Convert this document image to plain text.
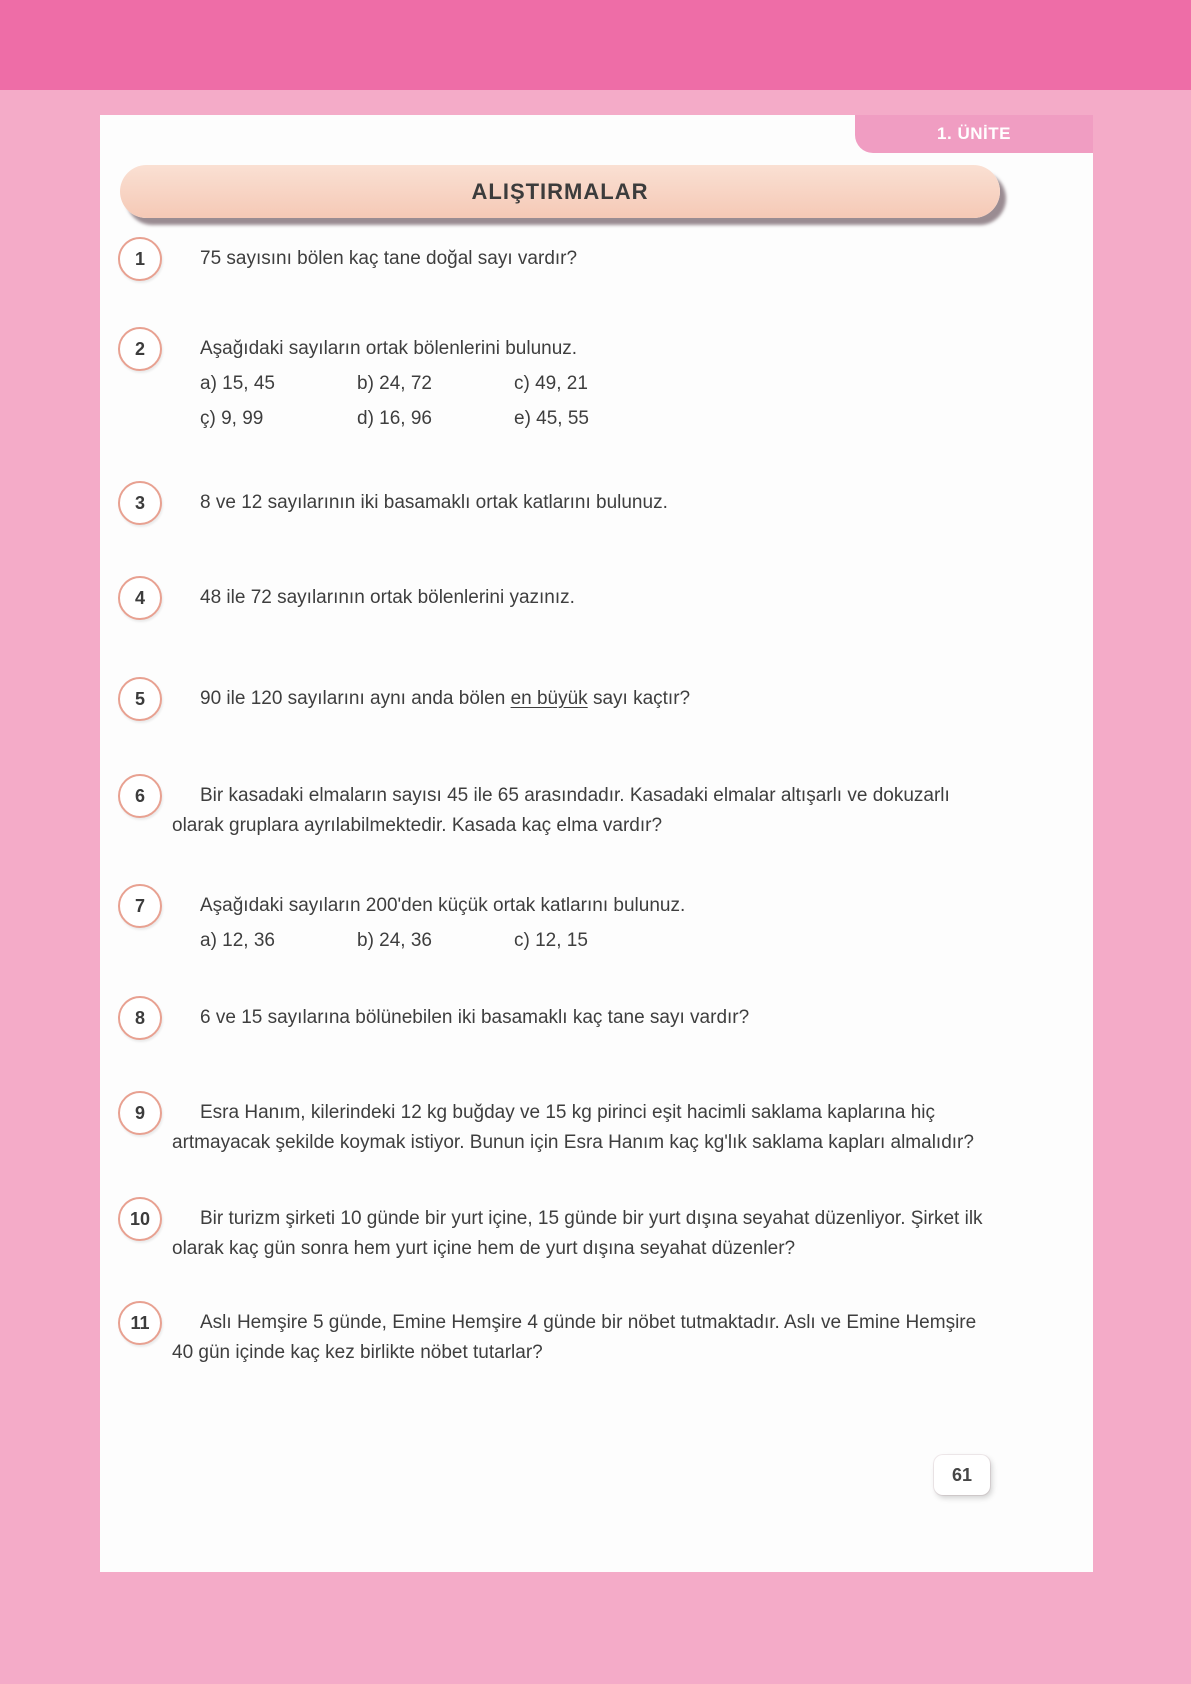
1. ÜNİTE
ALIŞTIRMALAR
1	75 sayısını bölen kaç tane doğal sayı vardır?
2	Aşağıdaki sayıların ortak bölenlerini bulunuz.
a) 15, 45	b) 24, 72	c) 49, 21
ç) 9, 99	d) 16, 96	e) 45, 55
3	8 ve 12 sayılarının iki basamaklı ortak katlarını bulunuz.
4	48 ile 72 sayılarının ortak bölenlerini yazınız.
5	90 ile 120 sayılarını aynı anda bölen en büyük sayı kaçtır?
6	Bir kasadaki elmaların sayısı 45 ile 65 arasındadır. Kasadaki elmalar altışarlı ve dokuzarlı olarak gruplara ayrılabilmektedir. Kasada kaç elma vardır?
7	Aşağıdaki sayıların 200'den küçük ortak katlarını bulunuz.
a) 12, 36	b) 24, 36	c) 12, 15
8	6 ve 15 sayılarına bölünebilen iki basamaklı kaç tane sayı vardır?
9	Esra Hanım, kilerindeki 12 kg buğday ve 15 kg pirinci eşit hacimli saklama kaplarına hiç artmayacak şekilde koymak istiyor. Bunun için Esra Hanım kaç kg'lık saklama kapları almalıdır?
10	Bir turizm şirketi 10 günde bir yurt içine, 15 günde bir yurt dışına seyahat düzenliyor. Şirket ilk olarak kaç gün sonra hem yurt içine hem de yurt dışına seyahat düzenler?
11	Aslı Hemşire 5 günde, Emine Hemşire 4 günde bir nöbet tutmaktadır. Aslı ve Emine Hemşire 40 gün içinde kaç kez birlikte nöbet tutarlar?
61
